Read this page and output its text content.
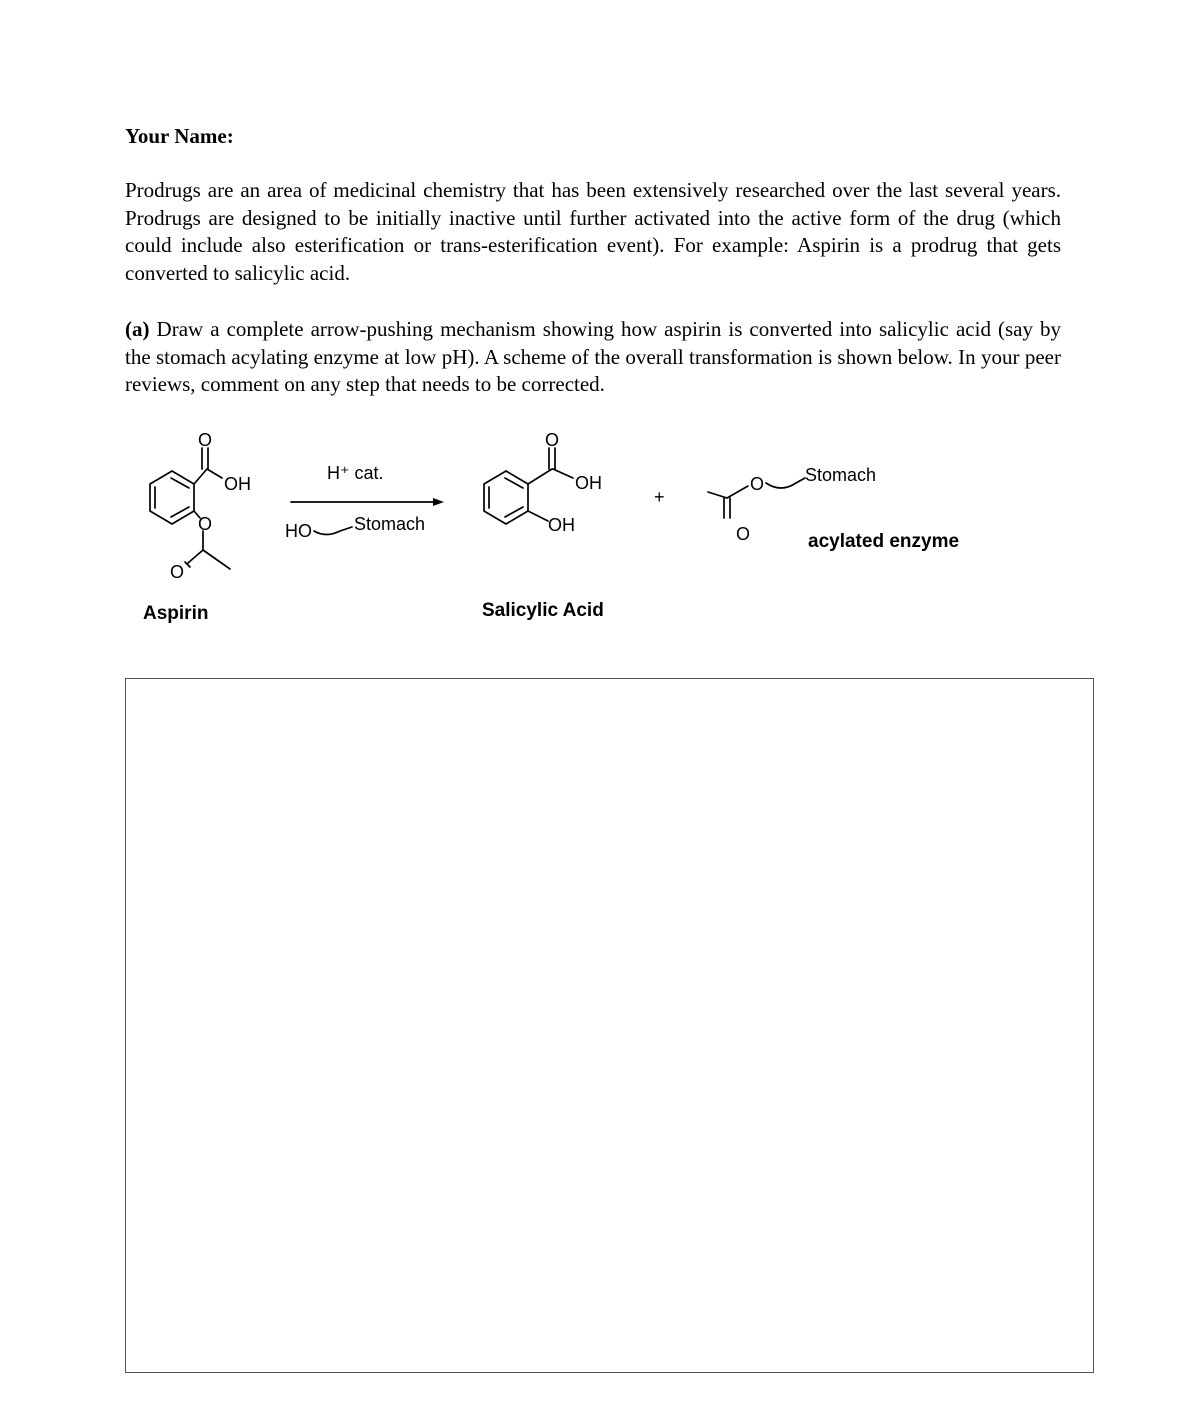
Your Name:

Prodrugs are an area of medicinal chemistry that has been extensively researched over the last several years. Prodrugs are designed to be initially inactive until further activated into the active form of the drug (which could include also esterification or trans-esterification event). For example: Aspirin is a prodrug that gets converted to salicylic acid.

(a) Draw a complete arrow-pushing mechanism showing how aspirin is converted into salicylic acid (say by the stomach acylating enzyme at low pH). A scheme of the overall transformation is shown below. In your peer reviews, comment on any step that needs to be corrected.

O
OH
O
O
Aspirin
H⁺ cat.
HO Stomach
O
OH
OH
Salicylic Acid
+
O
O
Stomach
acylated enzyme
